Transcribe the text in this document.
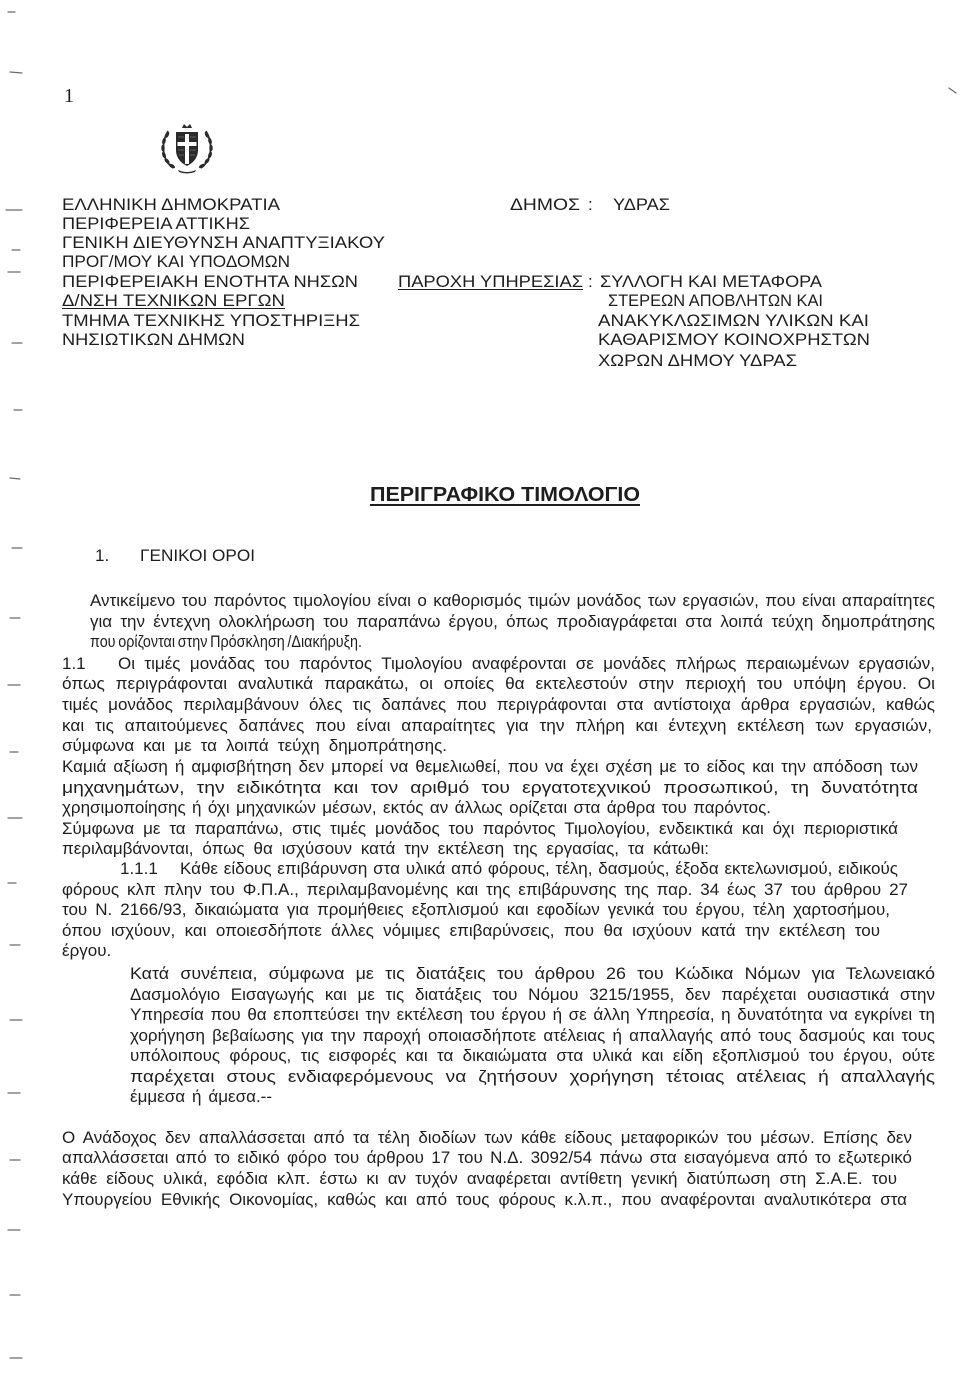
1
ΕΛΛΗΝΙΚΗ ΔΗΜΟΚΡΑΤΙΑ
ΠΕΡΙΦΕΡΕΙΑ ΑΤΤΙΚΗΣ
ΓΕΝΙΚΗ ΔΙΕΥΘΥΝΣΗ ΑΝΑΠΤΥΞΙΑΚΟΥ
ΠΡΟΓ/ΜΟΥ ΚΑΙ ΥΠΟΔΟΜΩΝ
ΠΕΡΙΦΕΡΕΙΑΚΗ ΕΝΟΤΗΤΑ ΝΗΣΩΝ
Δ/ΝΣΗ ΤΕΧΝΙΚΩΝ ΕΡΓΩΝ
ΤΜΗΜΑ ΤΕΧΝΙΚΗΣ ΥΠΟΣΤΗΡΙΞΗΣ
ΝΗΣΙΩΤΙΚΩΝ ΔΗΜΩΝ
ΔΗΜΟΣ : ΥΔΡΑΣ
ΠΑΡΟΧΗ ΥΠΗΡΕΣΙΑΣ : ΣΥΛΛΟΓΗ ΚΑΙ ΜΕΤΑΦΟΡΑ
ΣΤΕΡΕΩΝ ΑΠΟΒΛΗΤΩΝ ΚΑΙ
ΑΝΑΚΥΚΛΩΣΙΜΩΝ ΥΛΙΚΩΝ ΚΑΙ
ΚΑΘΑΡΙΣΜΟΥ ΚΟΙΝΟΧΡΗΣΤΩΝ
ΧΩΡΩΝ ΔΗΜΟΥ ΥΔΡΑΣ
ΠΕΡΙΓΡΑΦΙΚΟ ΤΙΜΟΛΟΓΙΟ
1. ΓΕΝΙΚΟΙ ΟΡΟΙ
Αντικείμενο του παρόντος τιμολογίου είναι ο καθορισμός τιμών μονάδος των εργασιών, που είναι απαραίτητες
για την έντεχνη ολοκλήρωση του παραπάνω έργου, όπως προδιαγράφεται στα λοιπά τεύχη δημοπράτησης
που ορίζονται στην Πρόσκληση /Διακήρυξη.
1.1 Οι τιμές μονάδας του παρόντος Τιμολογίου αναφέρονται σε μονάδες πλήρως περαιωμένων εργασιών,
όπως περιγράφονται αναλυτικά παρακάτω, οι οποίες θα εκτελεστούν στην περιοχή του υπόψη έργου. Οι
τιμές μονάδος περιλαμβάνουν όλες τις δαπάνες που περιγράφονται στα αντίστοιχα άρθρα εργασιών, καθώς
και τις απαιτούμενες δαπάνες που είναι απαραίτητες για την πλήρη και έντεχνη εκτέλεση των εργασιών,
σύμφωνα και με τα λοιπά τεύχη δημοπράτησης.
Καμιά αξίωση ή αμφισβήτηση δεν μπορεί να θεμελιωθεί, που να έχει σχέση με το είδος και την απόδοση των
μηχανημάτων, την ειδικότητα και τον αριθμό του εργατοτεχνικού προσωπικού, τη δυνατότητα
χρησιμοποίησης ή όχι μηχανικών μέσων, εκτός αν άλλως ορίζεται στα άρθρα του παρόντος.
Σύμφωνα με τα παραπάνω, στις τιμές μονάδος του παρόντος Τιμολογίου, ενδεικτικά και όχι περιοριστικά
περιλαμβάνονται, όπως θα ισχύσουν κατά την εκτέλεση της εργασίας, τα κάτωθι:
1.1.1 Κάθε είδους επιβάρυνση στα υλικά από φόρους, τέλη, δασμούς, έξοδα εκτελωνισμού, ειδικούς
φόρους κλπ πλην του Φ.Π.Α., περιλαμβανομένης και της επιβάρυνσης της παρ. 34 έως 37 του άρθρου 27
του Ν. 2166/93, δικαιώματα για προμήθειες εξοπλισμού και εφοδίων γενικά του έργου, τέλη χαρτοσήμου,
όπου ισχύουν, και οποιεσδήποτε άλλες νόμιμες επιβαρύνσεις, που θα ισχύουν κατά την εκτέλεση του
έργου.
Κατά συνέπεια, σύμφωνα με τις διατάξεις του άρθρου 26 του Κώδικα Νόμων για Τελωνειακό
Δασμολόγιο Εισαγωγής και με τις διατάξεις του Νόμου 3215/1955, δεν παρέχεται ουσιαστικά στην
Υπηρεσία που θα εποπτεύσει την εκτέλεση του έργου ή σε άλλη Υπηρεσία, η δυνατότητα να εγκρίνει τη
χορήγηση βεβαίωσης για την παροχή οποιασδήποτε ατέλειας ή απαλλαγής από τους δασμούς και τους
υπόλοιπους φόρους, τις εισφορές και τα δικαιώματα στα υλικά και είδη εξοπλισμού του έργου, ούτε
παρέχεται στους ενδιαφερόμενους να ζητήσουν χορήγηση τέτοιας ατέλειας ή απαλλαγής
έμμεσα ή άμεσα.--
Ο Ανάδοχος δεν απαλλάσσεται από τα τέλη διοδίων των κάθε είδους μεταφορικών του μέσων. Επίσης δεν
απαλλάσσεται από το ειδικό φόρο του άρθρου 17 του Ν.Δ. 3092/54 πάνω στα εισαγόμενα από το εξωτερικό
κάθε είδους υλικά, εφόδια κλπ. έστω κι αν τυχόν αναφέρεται αντίθετη γενική διατύπωση στη Σ.Α.Ε. του
Υπουργείου Εθνικής Οικονομίας, καθώς και από τους φόρους κ.λ.π., που αναφέρονται αναλυτικότερα στα
